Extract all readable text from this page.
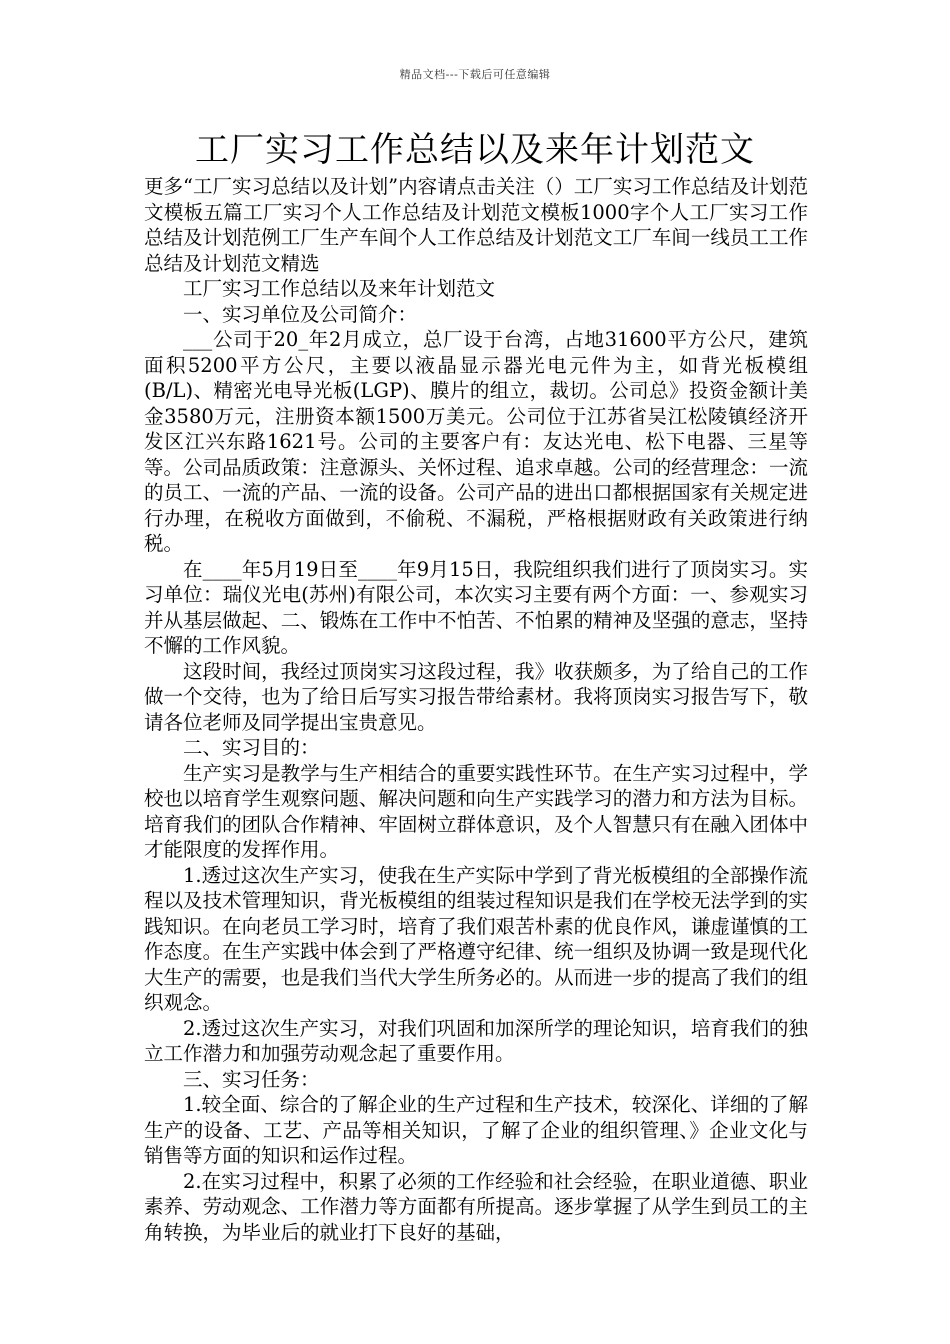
精品文档---下载后可任意编辑
工厂实习工作总结以及来年计划范文

更多“工厂实习总结以及计划”内容请点击关注（）工厂实习工作总结及计划范文模板五篇工厂实习个人工作总结及计划范文模板1000字个人工厂实习工作总结及计划范例工厂生产车间个人工作总结及计划范文工厂车间一线员工工作总结及计划范文精选

工厂实习工作总结以及来年计划范文

一、实习单位及公司简介：

___公司于20_年2月成立，总厂设于台湾，占地31600平方公尺，建筑面积5200平方公尺，主要以液晶显示器光电元件为主，如背光板模组(B/L)、精密光电导光板(LGP)、膜片的组立，裁切。公司总》投资金额计美金3580万元，注册资本额1500万美元。公司位于江苏省吴江松陵镇经济开发区江兴东路1621号。公司的主要客户有：友达光电、松下电器、三星等等。公司品质政策：注意源头、关怀过程、追求卓越。公司的经营理念：一流的员工、一流的产品、一流的设备。公司产品的进出口都根据国家有关规定进行办理，在税收方面做到，不偷税、不漏税，严格根据财政有关政策进行纳税。

在____年5月19日至____年9月15日，我院组织我们进行了顶岗实习。实习单位：瑞仪光电(苏州)有限公司，本次实习主要有两个方面：一、参观实习并从基层做起、二、锻炼在工作中不怕苦、不怕累的精神及坚强的意志，坚持不懈的工作风貌。

这段时间，我经过顶岗实习这段过程，我》收获颇多，为了给自己的工作做一个交待，也为了给日后写实习报告带给素材。我将顶岗实习报告写下，敬请各位老师及同学提出宝贵意见。

二、实习目的：

生产实习是教学与生产相结合的重要实践性环节。在生产实习过程中，学校也以培育学生观察问题、解决问题和向生产实践学习的潜力和方法为目标。培育我们的团队合作精神、牢固树立群体意识，及个人智慧只有在融入团体中才能限度的发挥作用。

1.透过这次生产实习，使我在生产实际中学到了背光板模组的全部操作流程以及技术管理知识，背光板模组的组装过程知识是我们在学校无法学到的实践知识。在向老员工学习时，培育了我们艰苦朴素的优良作风，谦虚谨慎的工作态度。在生产实践中体会到了严格遵守纪律、统一组织及协调一致是现代化大生产的需要，也是我们当代大学生所务必的。从而进一步的提高了我们的组织观念。

2.透过这次生产实习，对我们巩固和加深所学的理论知识，培育我们的独立工作潜力和加强劳动观念起了重要作用。

三、实习任务：

1.较全面、综合的了解企业的生产过程和生产技术，较深化、详细的了解生产的设备、工艺、产品等相关知识，了解了企业的组织管理、》企业文化与销售等方面的知识和运作过程。

2.在实习过程中，积累了必须的工作经验和社会经验，在职业道德、职业素养、劳动观念、工作潜力等方面都有所提高。逐步掌握了从学生到员工的主角转换，为毕业后的就业打下良好的基础，
